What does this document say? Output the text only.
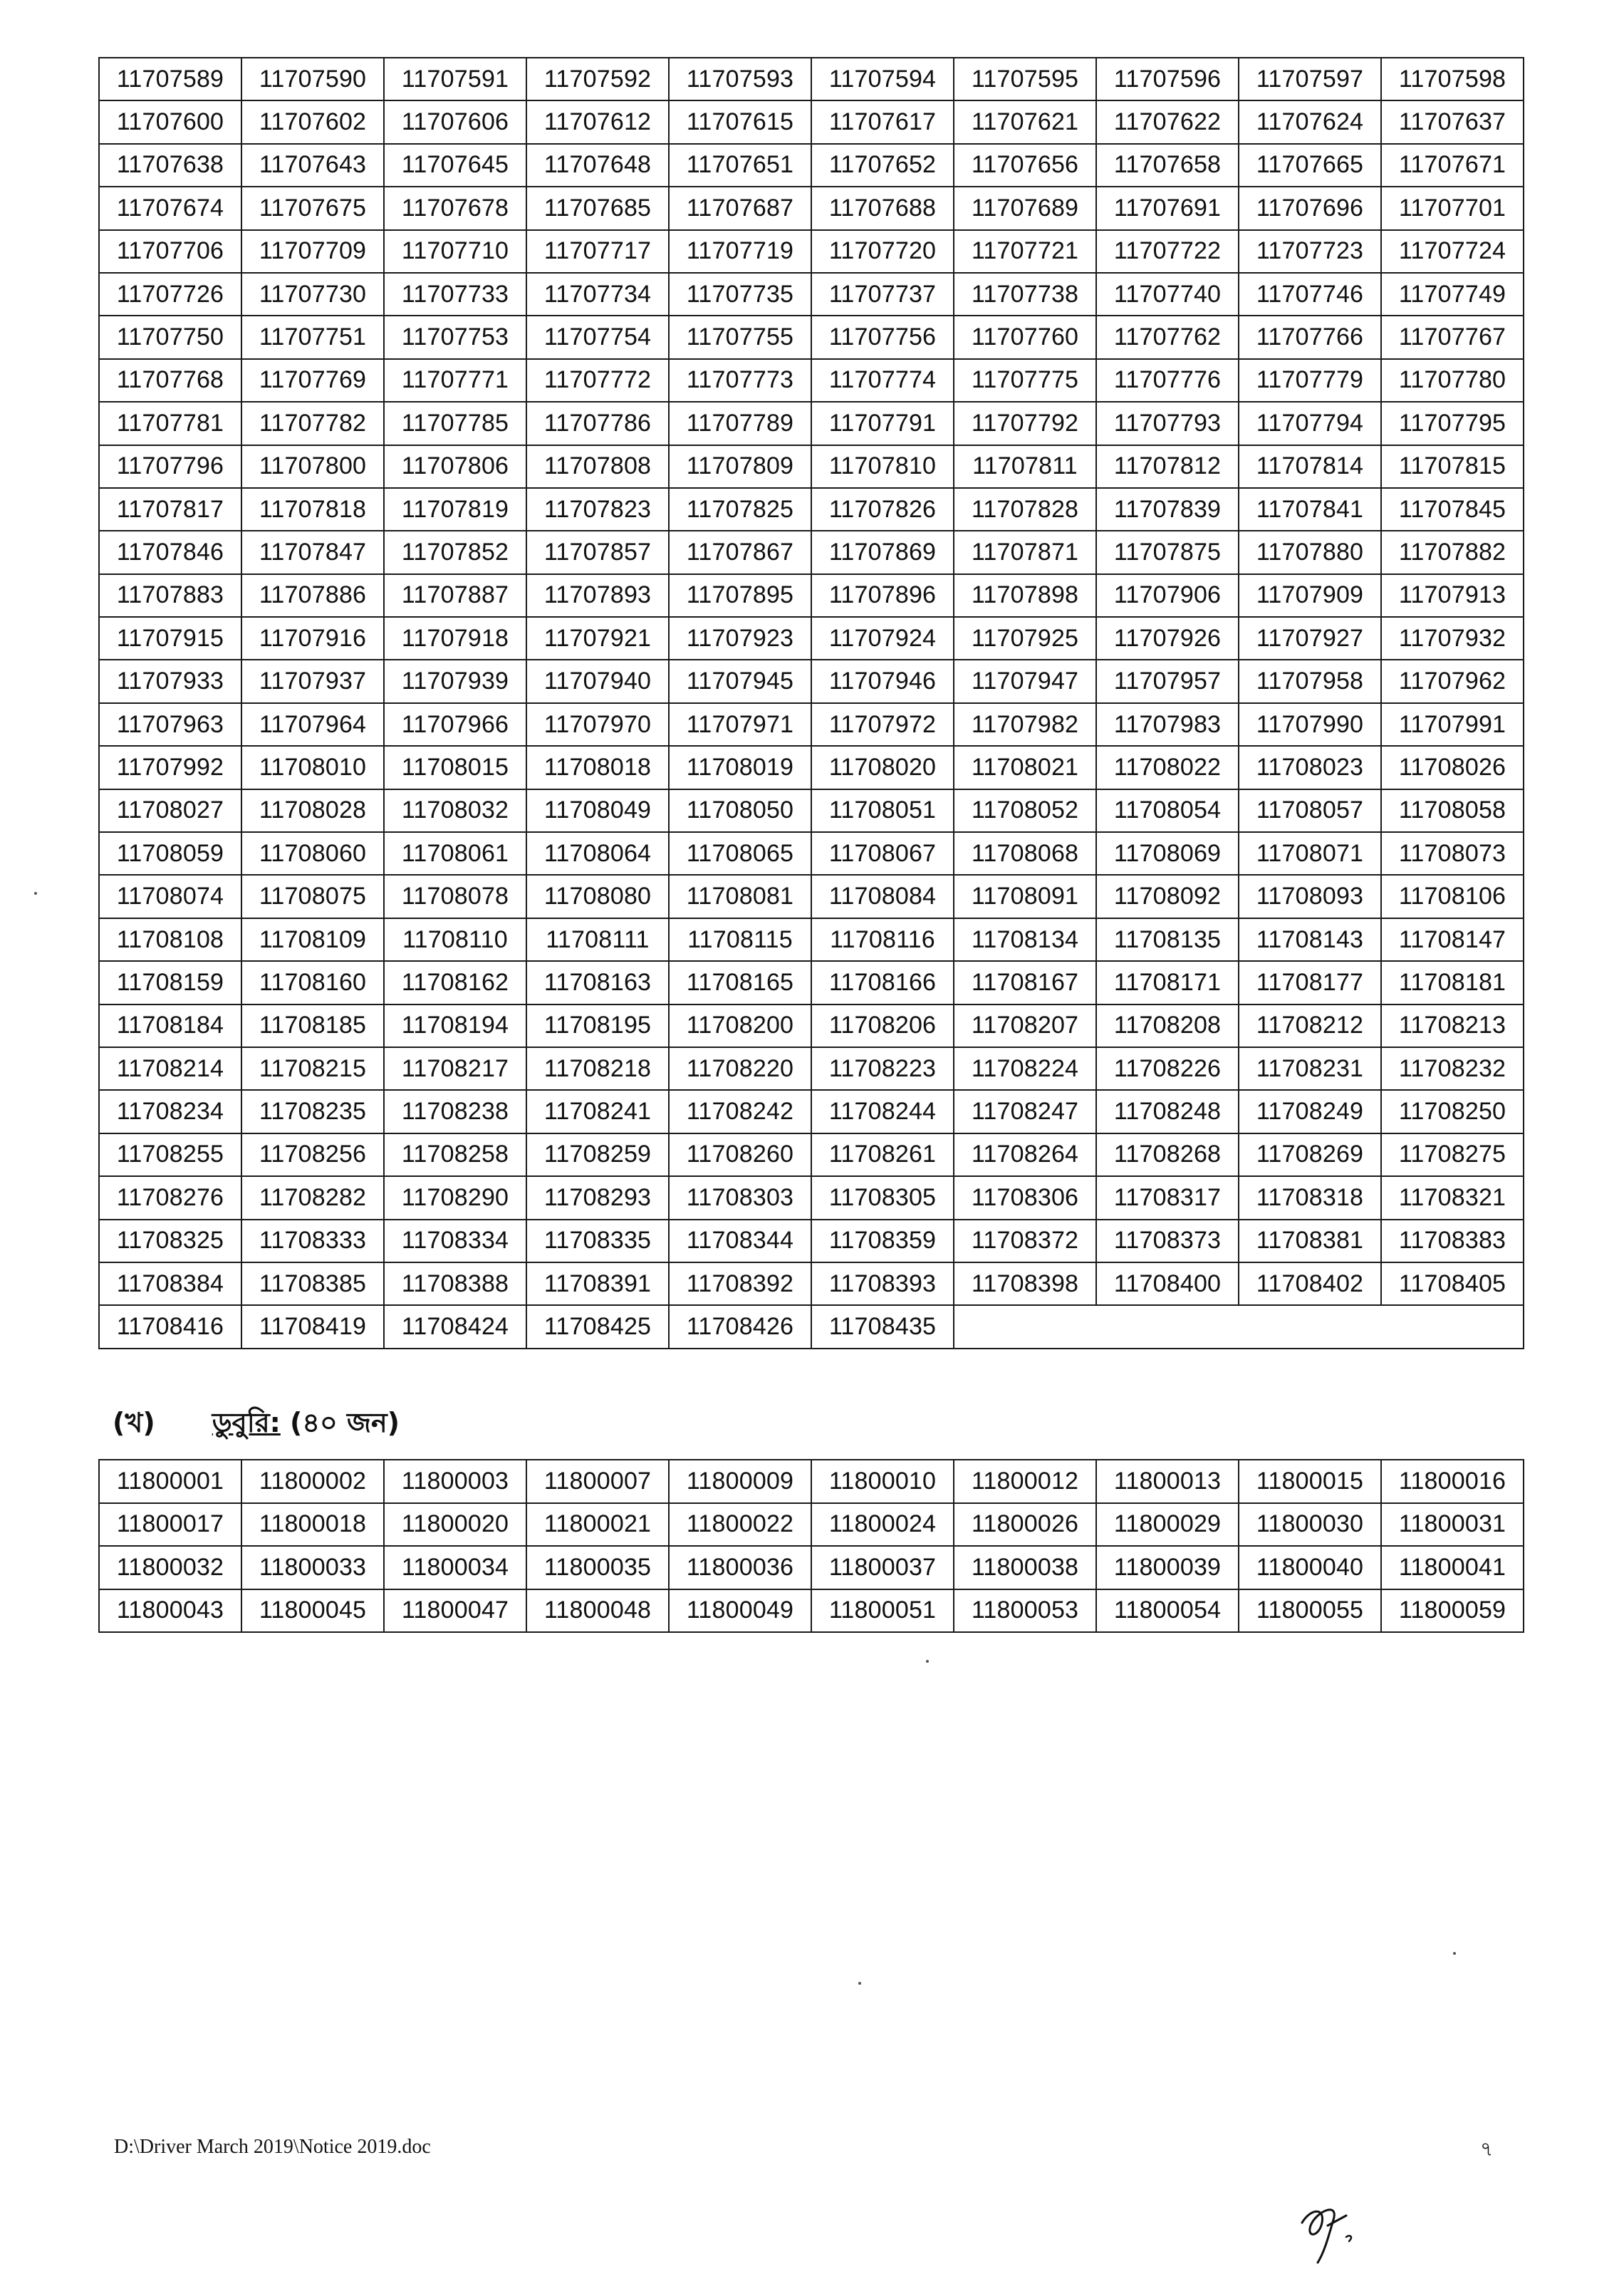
11707589	11707590	11707591	11707592	11707593	11707594	11707595	11707596	11707597	11707598
11707600	11707602	11707606	11707612	11707615	11707617	11707621	11707622	11707624	11707637
11707638	11707643	11707645	11707648	11707651	11707652	11707656	11707658	11707665	11707671
11707674	11707675	11707678	11707685	11707687	11707688	11707689	11707691	11707696	11707701
11707706	11707709	11707710	11707717	11707719	11707720	11707721	11707722	11707723	11707724
11707726	11707730	11707733	11707734	11707735	11707737	11707738	11707740	11707746	11707749
11707750	11707751	11707753	11707754	11707755	11707756	11707760	11707762	11707766	11707767
11707768	11707769	11707771	11707772	11707773	11707774	11707775	11707776	11707779	11707780
11707781	11707782	11707785	11707786	11707789	11707791	11707792	11707793	11707794	11707795
11707796	11707800	11707806	11707808	11707809	11707810	11707811	11707812	11707814	11707815
11707817	11707818	11707819	11707823	11707825	11707826	11707828	11707839	11707841	11707845
11707846	11707847	11707852	11707857	11707867	11707869	11707871	11707875	11707880	11707882
11707883	11707886	11707887	11707893	11707895	11707896	11707898	11707906	11707909	11707913
11707915	11707916	11707918	11707921	11707923	11707924	11707925	11707926	11707927	11707932
11707933	11707937	11707939	11707940	11707945	11707946	11707947	11707957	11707958	11707962
11707963	11707964	11707966	11707970	11707971	11707972	11707982	11707983	11707990	11707991
11707992	11708010	11708015	11708018	11708019	11708020	11708021	11708022	11708023	11708026
11708027	11708028	11708032	11708049	11708050	11708051	11708052	11708054	11708057	11708058
11708059	11708060	11708061	11708064	11708065	11708067	11708068	11708069	11708071	11708073
11708074	11708075	11708078	11708080	11708081	11708084	11708091	11708092	11708093	11708106
11708108	11708109	11708110	11708111	11708115	11708116	11708134	11708135	11708143	11708147
11708159	11708160	11708162	11708163	11708165	11708166	11708167	11708171	11708177	11708181
11708184	11708185	11708194	11708195	11708200	11708206	11708207	11708208	11708212	11708213
11708214	11708215	11708217	11708218	11708220	11708223	11708224	11708226	11708231	11708232
11708234	11708235	11708238	11708241	11708242	11708244	11708247	11708248	11708249	11708250
11708255	11708256	11708258	11708259	11708260	11708261	11708264	11708268	11708269	11708275
11708276	11708282	11708290	11708293	11708303	11708305	11708306	11708317	11708318	11708321
11708325	11708333	11708334	11708335	11708344	11708359	11708372	11708373	11708381	11708383
11708384	11708385	11708388	11708391	11708392	11708393	11708398	11708400	11708402	11708405
11708416	11708419	11708424	11708425	11708426	11708435				
(খ) ডুবুরি: (৪০ জন)
11800001	11800002	11800003	11800007	11800009	11800010	11800012	11800013	11800015	11800016
11800017	11800018	11800020	11800021	11800022	11800024	11800026	11800029	11800030	11800031
11800032	11800033	11800034	11800035	11800036	11800037	11800038	11800039	11800040	11800041
11800043	11800045	11800047	11800048	11800049	11800051	11800053	11800054	11800055	11800059
D:\Driver March 2019\Notice 2019.doc	৭
